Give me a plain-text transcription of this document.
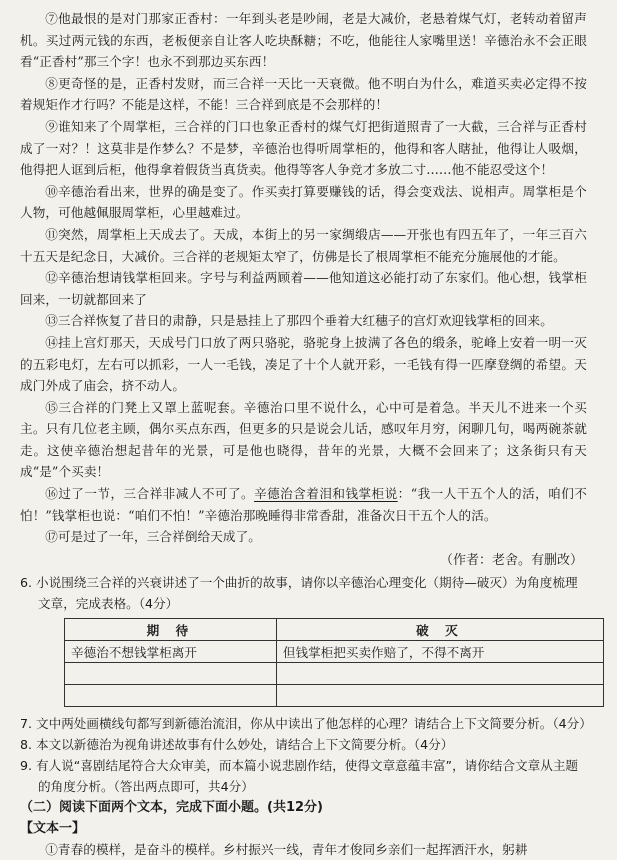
⑦他最恨的是对门那家正香村：一年到头老是吵闹，老是大减价，老悬着煤气灯，老转动着留声机。买过两元钱的东西，老板便亲自让客人吃块酥糖；不吃，他能往人家嘴里送！辛德治永不会正眼看“正香村”那三个字！也永不到那边买东西！

⑧更奇怪的是，正香村发财，而三合祥一天比一天衰微。他不明白为什么，难道买卖必定得不按着规矩作才行吗？不能是这样，不能！三合祥到底是不会那样的！

⑨谁知来了个周掌柜，三合祥的门口也象正香村的煤气灯把街道照青了一大截，三合祥与正香村成了一对？！这莫非是作梦么？不是梦，辛德治也得听周掌柜的，他得和客人瞎扯，他得让人吸烟，他得把人诓到后柜，他得拿着假货当真货卖。他得等客人争竞才多放二寸……他不能忍受这个！

⑩辛德治看出来，世界的确是变了。作买卖打算要赚钱的话，得会变戏法、说相声。周掌柜是个人物，可他越佩服周掌柜，心里越难过。

⑪突然，周掌柜上天成去了。天成，本街上的另一家绸缎店——开张也有四五年了，一年三百六十五天是纪念日，大减价。三合祥的老规矩太窄了，仿佛是长了根周掌柜不能充分施展他的才能。

⑫辛德治想请钱掌柜回来。字号与利益两顾着——他知道这必能打动了东家们。他心想，钱掌柜回来，一切就都回来了

⑬三合祥恢复了昔日的肃静，只是悬挂上了那四个垂着大红穗子的宫灯欢迎钱掌柜的回来。

⑭挂上宫灯那天，天成号门口放了两只骆驼，骆驼身上披满了各色的缎条，驼峰上安着一明一灭的五彩电灯，左右可以抓彩，一人一毛钱，凑足了十个人就开彩，一毛钱有得一匹摩登绸的希望。天成门外成了庙会，挤不动人。

⑮三合祥的门凳上又罩上蓝呢套。辛德治口里不说什么，心中可是着急。半天儿不进来一个买主。只有几位老主顾，偶尔买点东西，但更多的只是说会儿话，感叹年月穷，闲聊几句，喝两碗茶就走。这使辛德治想起昔年的光景，可是他也晓得，昔年的光景，大概不会回来了；这条街只有天成“是”个买卖！

⑯过了一节，三合祥非减人不可了。辛德治含着泪和钱掌柜说：“我一人干五个人的活，咱们不怕！”钱掌柜也说：“咱们不怕！”辛德治那晚睡得非常香甜，准备次日干五个人的活。

⑰可是过了一年，三合祥倒给天成了。

（作者：老舍。有删改）

6. 小说围绕三合祥的兴衰讲述了一个曲折的故事，请你以辛德治心理变化（期待—破灭）为角度梳理文章，完成表格。（4分）

期 待	破 灭
辛德治不想钱掌柜离开	但钱掌柜把买卖作赔了，不得不离开

7. 文中两处画横线句都写到新德治流泪，你从中读出了他怎样的心理？请结合上下文简要分析。（4分）

8. 本文以新德治为视角讲述故事有什么妙处，请结合上下文简要分析。（4分）

9. 有人说“喜剧结尾符合大众审美，而本篇小说悲剧作结，使得文章意蕴丰富”，请你结合文章从主题的角度分析。（答出两点即可，共4分）

（二）阅读下面两个文本，完成下面小题。(共12分)

【文本一】

①青春的模样，是奋斗的模样。乡村振兴一线，青年才俊同乡亲们一起挥洒汗水，躬耕
